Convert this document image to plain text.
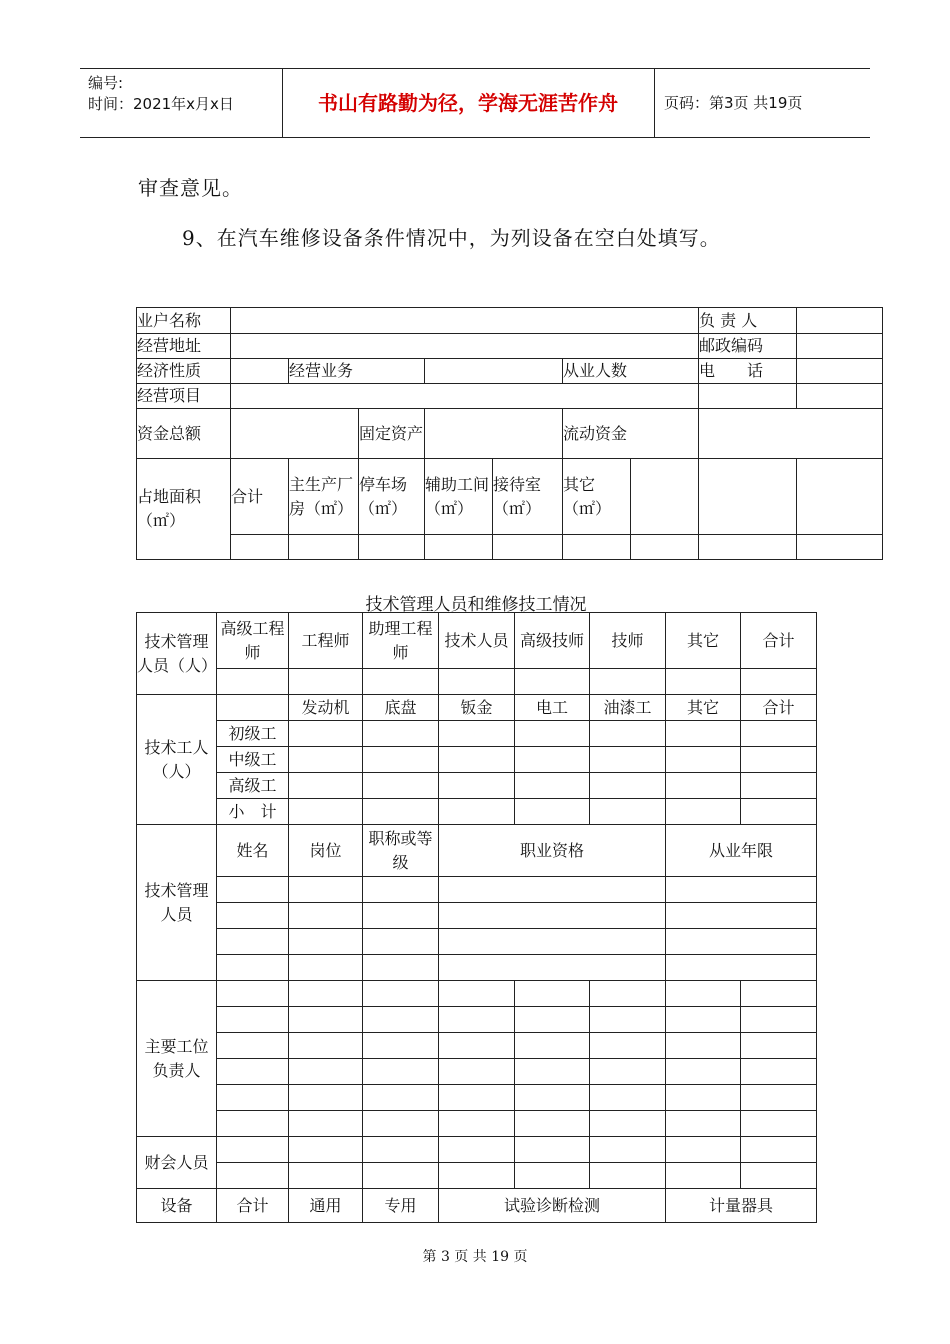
编号:
时间：2021年x月x日	书山有路勤为径，学海无涯苦作舟	页码：第3页 共19页
审查意见。
9、在汽车维修设备条件情况中，为列设备在空白处填写。
业户名称								负 责 人	
经营地址								邮政编码	
经济性质		经营业务				从业人数		电　　话	
经营项目									
资金总额			固定资产			流动资金			
占地面积（㎡）	合计	主生产厂房（㎡）	停车场（㎡）	辅助工间（㎡）	接待室（㎡）	其它（㎡）			

技术管理人员和维修技工情况
技术管理人员（人）	高级工程师	工程师	助理工程师	技术人员	高级技师	技师	其它	合计

技术工人（人）		发动机	底盘	钣金	电工	油漆工	其它	合计
	初级工							
	中级工							
	高级工							
	小　计							
技术管理人员	姓名	岗位	职称或等级	职业资格			从业年限	

主要工位负责人								

财会人员								

设备	合计	通用	专用	试验诊断检测			计量器具	
第 3 页 共 19 页
